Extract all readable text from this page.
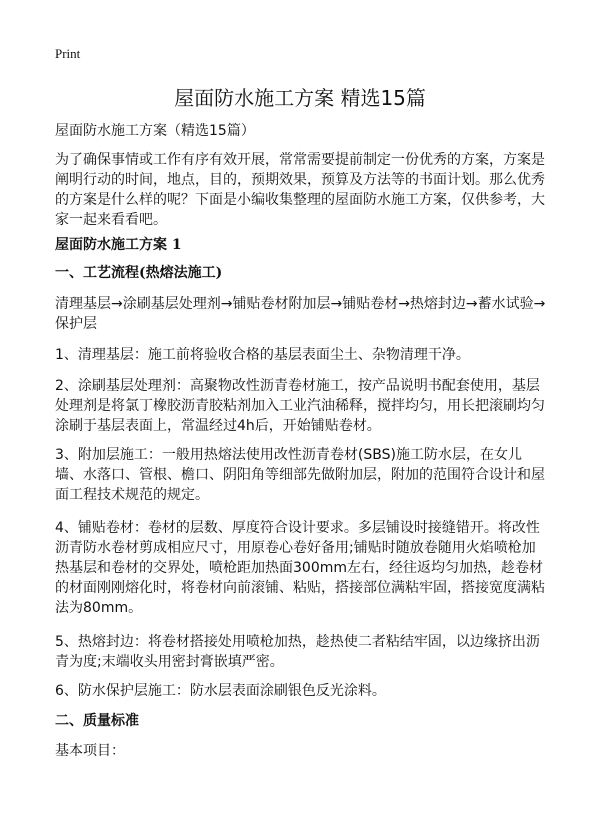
Print
屋面防水施工方案 精选15篇

屋面防水施工方案（精选15篇）

为了确保事情或工作有序有效开展，常常需要提前制定一份优秀的方案，方案是阐明行动的时间，地点，目的，预期效果，预算及方法等的书面计划。那么优秀的方案是什么样的呢？下面是小编收集整理的屋面防水施工方案，仅供参考，大家一起来看看吧。

屋面防水施工方案 1

一、工艺流程(热熔法施工)

清理基层→涂刷基层处理剂→铺贴卷材附加层→铺贴卷材→热熔封边→蓄水试验→保护层

1、清理基层：施工前将验收合格的基层表面尘土、杂物清理干净。

2、涂刷基层处理剂：高聚物改性沥青卷材施工，按产品说明书配套使用，基层处理剂是将氯丁橡胶沥青胶粘剂加入工业汽油稀释，搅拌均匀，用长把滚刷均匀涂刷于基层表面上，常温经过4h后，开始铺贴卷材。

3、附加层施工：一般用热熔法使用改性沥青卷材(SBS)施工防水层，在女儿墙、水落口、管根、檐口、阴阳角等细部先做附加层，附加的范围符合设计和屋面工程技术规范的规定。

4、铺贴卷材：卷材的层数、厚度符合设计要求。多层铺设时接缝错开。将改性沥青防水卷材剪成相应尺寸，用原卷心卷好备用;铺贴时随放卷随用火焰喷枪加热基层和卷材的交界处，喷枪距加热面300mm左右，经往返均匀加热，趁卷材的材面刚刚熔化时，将卷材向前滚铺、粘贴，搭接部位满粘牢固，搭接宽度满粘法为80mm。

5、热熔封边：将卷材搭接处用喷枪加热，趁热使二者粘结牢固，以边缘挤出沥青为度;末端收头用密封膏嵌填严密。

6、防水保护层施工：防水层表面涂刷银色反光涂料。

二、质量标准

基本项目：
